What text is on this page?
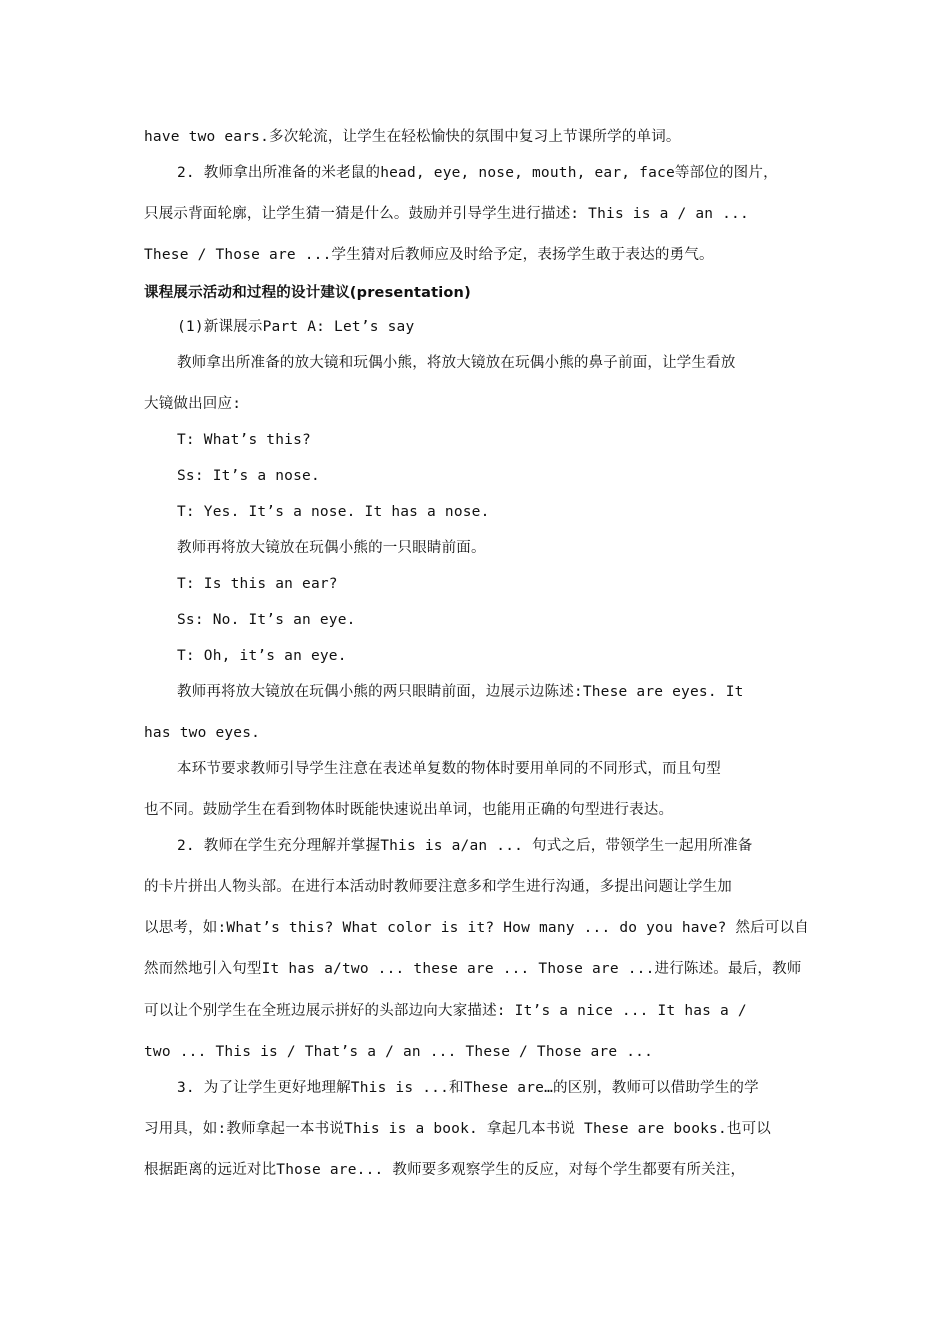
have two ears.多次轮流，让学生在轻松愉快的氛围中复习上节课所学的单词。
2. 教师拿出所准备的米老鼠的head, eye, nose, mouth, ear, face等部位的图片，
只展示背面轮廓，让学生猜一猜是什么。鼓励并引导学生进行描述: This is a / an ...
These / Those are ...学生猜对后教师应及时给予定，表扬学生敢于表达的勇气。
课程展示活动和过程的设计建议(presentation)
(1)新课展示Part A: Let’s say
教师拿出所准备的放大镜和玩偶小熊，将放大镜放在玩偶小熊的鼻子前面，让学生看放
大镜做出回应:
T: What’s this?
Ss: It’s a nose.
T: Yes. It’s a nose. It has a nose.
教师再将放大镜放在玩偶小熊的一只眼睛前面。
T: Is this an ear?
Ss: No. It’s an eye.
T: Oh, it’s an eye.
教师再将放大镜放在玩偶小熊的两只眼睛前面，边展示边陈述:These are eyes. It
has two eyes.
本环节要求教师引导学生注意在表述单复数的物体时要用单同的不同形式，而且句型
也不同。鼓励学生在看到物体时既能快速说出单词，也能用正确的句型进行表达。
2. 教师在学生充分理解并掌握This is a/an ... 句式之后，带领学生一起用所准备
的卡片拼出人物头部。在进行本活动时教师要注意多和学生进行沟通，多提出问题让学生加
以思考，如:What’s this? What color is it? How many ... do you have? 然后可以自
然而然地引入句型It has a/two ... these are ... Those are ...进行陈述。最后，教师
可以让个别学生在全班边展示拼好的头部边向大家描述: It’s a nice ... It has a /
two ... This is / That’s a / an ... These / Those are ...
3. 为了让学生更好地理解This is ...和These are…的区别，教师可以借助学生的学
习用具，如:教师拿起一本书说This is a book. 拿起几本书说 These are books.也可以
根据距离的远近对比Those are... 教师要多观察学生的反应，对每个学生都要有所关注，
